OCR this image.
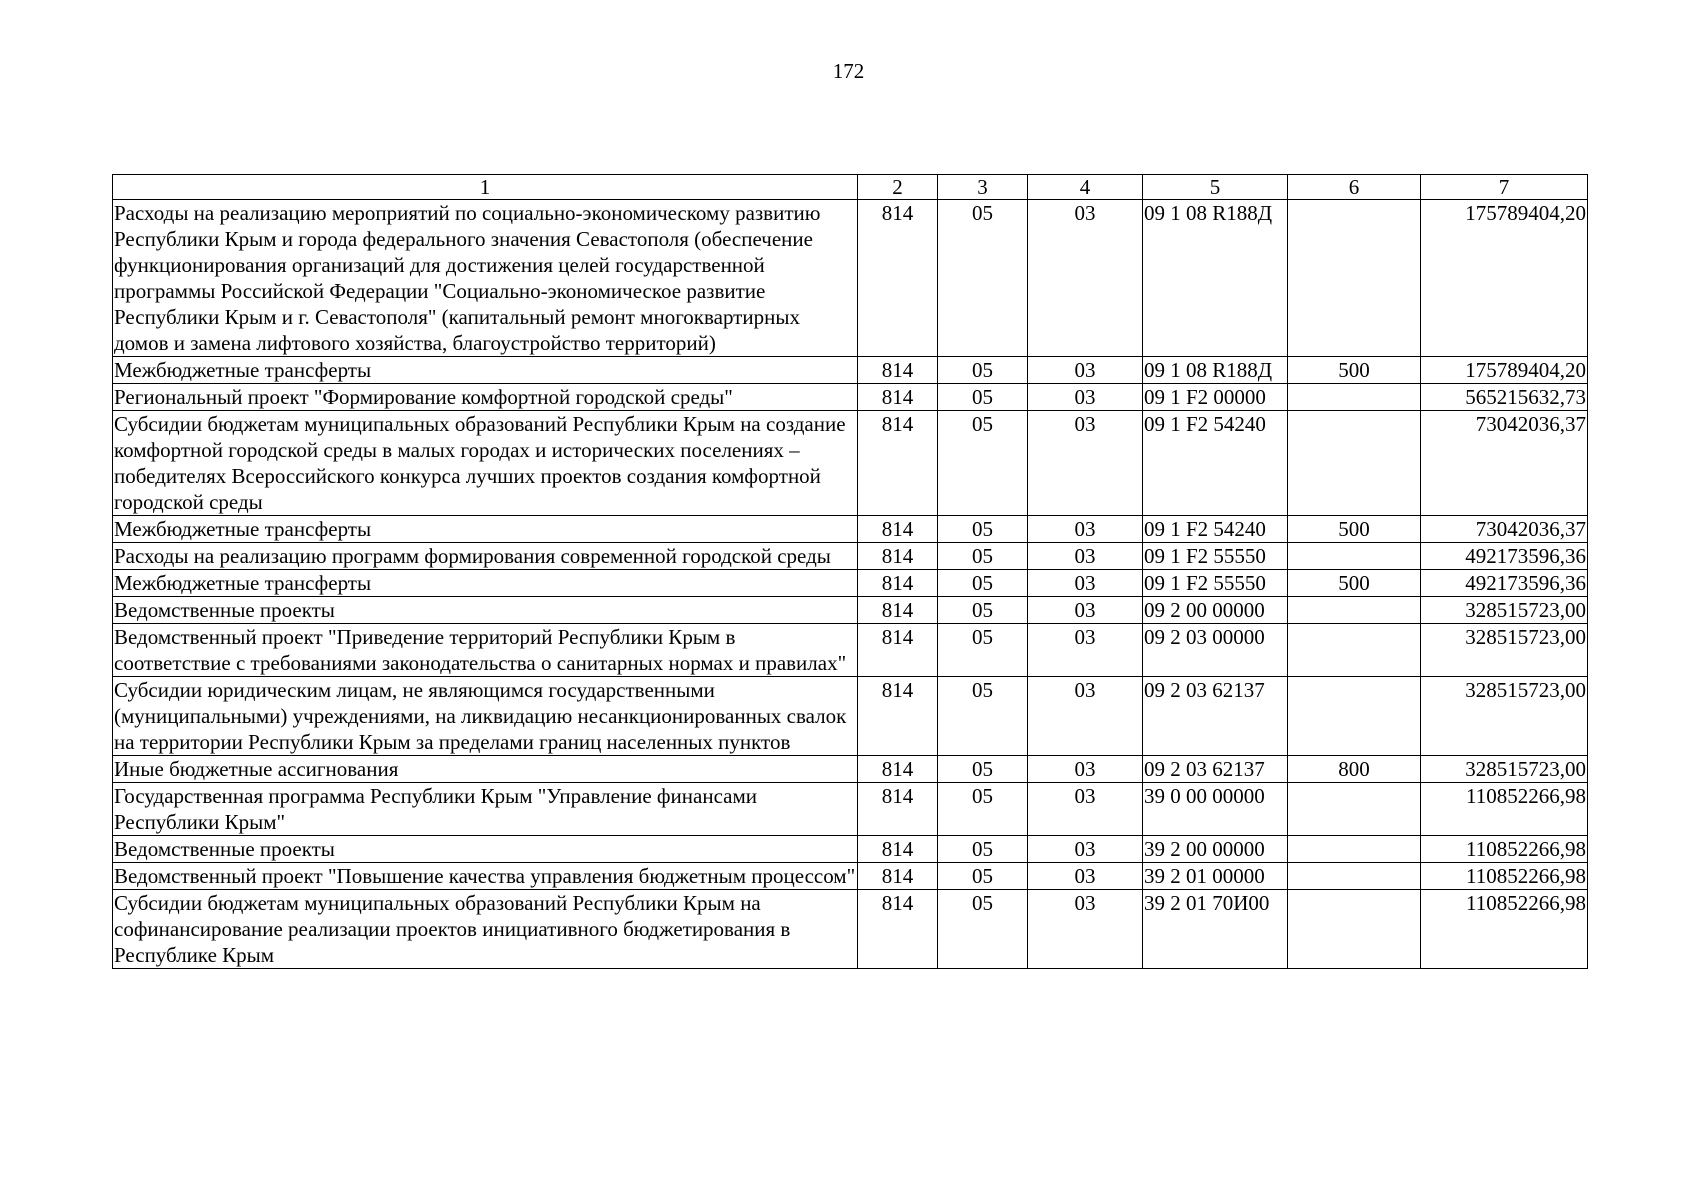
172
1	2	3	4	5	6	7
Расходы на реализацию мероприятий по социально-экономическому развитию Республики Крым и города федерального значения Севастополя (обеспечение функционирования организаций для достижения целей государственной программы Российской Федерации "Социально-экономическое развитие Республики Крым и г. Севастополя" (капитальный ремонт многоквартирных домов и замена лифтового хозяйства, благоустройство территорий)	814	05	03	09 1 08 R188Д		175789404,20
Межбюджетные трансферты	814	05	03	09 1 08 R188Д	500	175789404,20
Региональный проект "Формирование комфортной городской среды"	814	05	03	09 1 F2 00000		565215632,73
Субсидии бюджетам муниципальных образований Республики Крым на создание комфортной городской среды в малых городах и исторических поселениях – победителях Всероссийского конкурса лучших проектов создания комфортной городской среды	814	05	03	09 1 F2 54240		73042036,37
Межбюджетные трансферты	814	05	03	09 1 F2 54240	500	73042036,37
Расходы на реализацию программ формирования современной городской среды	814	05	03	09 1 F2 55550		492173596,36
Межбюджетные трансферты	814	05	03	09 1 F2 55550	500	492173596,36
Ведомственные проекты	814	05	03	09 2 00 00000		328515723,00
Ведомственный проект "Приведение территорий Республики Крым в соответствие с требованиями законодательства о санитарных нормах и правилах"	814	05	03	09 2 03 00000		328515723,00
Субсидии юридическим лицам, не являющимся государственными (муниципальными) учреждениями, на ликвидацию несанкционированных свалок на территории Республики Крым за пределами границ населенных пунктов	814	05	03	09 2 03 62137		328515723,00
Иные бюджетные ассигнования	814	05	03	09 2 03 62137	800	328515723,00
Государственная программа Республики Крым "Управление финансами Республики Крым"	814	05	03	39 0 00 00000		110852266,98
Ведомственные проекты	814	05	03	39 2 00 00000		110852266,98
Ведомственный проект "Повышение качества управления бюджетным процессом"	814	05	03	39 2 01 00000		110852266,98
Субсидии бюджетам муниципальных образований Республики Крым на софинансирование реализации проектов инициативного бюджетирования в Республике Крым	814	05	03	39 2 01 70И00		110852266,98
